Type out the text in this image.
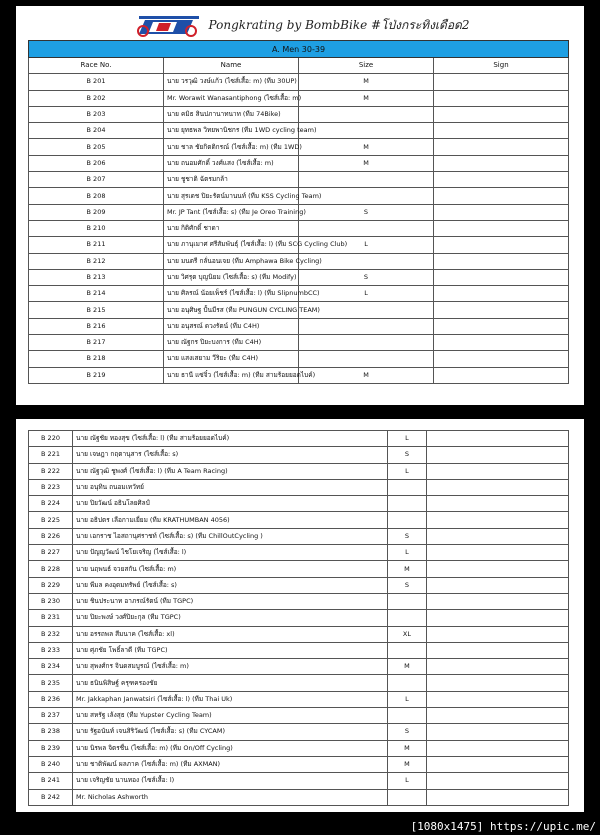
Pongkrating by BombBike #โป่งกระทิงเดือด2
A. Men 30-39			
Race No.	Name	Size	Sign
B 201	นาย วรวุฒิ วงษ์แก้ว (ไซส์เสื้อ: m) (ทีม 30UP)	M	
B 202	Mr. Worawit Wanasantiphong (ไซส์เสื้อ: m)	M	
B 203	นาย คมิธ สินปภานาทนาท (ทีม 74Bike)		
B 204	นาย ยุทธพล วิทยพานิชกร (ทีม 1WD cycling team)		
B 205	นาย ชาล ชัยกิตติกรณ์ (ไซส์เสื้อ: m) (ทีม 1WD)	M	
B 206	นาย ถนอมศักดิ์ วงศ์แสง (ไซส์เสื้อ: m)	M	
B 207	นาย ชูชาติ ฉัตรมกล้า		
B 208	นาย สุรเดช ปิยะรัตน์มานนท์ (ทีม KSS Cycling Team)		
B 209	Mr. JP Tant (ไซส์เสื้อ: s) (ทีม Je Oreo Training)	S	
B 210	นาย กิติศักดิ์ ชาดา		
B 211	นาย ภานุเมาศ ศรีสัมพันธ์ุ (ไซส์เสื้อ: l) (ทีม SCG Cycling Club)	L	
B 212	นาย มนตรี กลั่นอนเจย (ทีม Amphawa Bike Cycling)		
B 213	นาย วิศรุต บุญนิยม (ไซส์เสื้อ: s) (ทีม Modify)	S	
B 214	นาย ศิลรณ์ น้อยเพ็ชร์ (ไซส์เสื้อ: l) (ทีม SlipnumbCC)	L	
B 215	นาย อนุศิษฐ ปั้นมีรส (ทีม PUNGUN CYCLING TEAM)		
B 216	นาย อนุสรณ์ ดวงรัตน์ (ทีม C4H)		
B 217	นาย ณัฐกร ปิยะบงการ (ทีม C4H)		
B 218	นาย แสงเสยาม วีริยะ (ทีม C4H)		
B 219	นาย ธานี แซ่จิ๋ว (ไซส์เสื้อ: m) (ทีม สามร้อยยอดไบค์)	M	
B 220	นาย ณัฐชัย ทองสุข (ไซส์เสื้อ: l) (ทีม สามร้อยยอดไบค์)	L	
B 221	นาย เจษฎา กฤตานุสาร (ไซส์เสื้อ: s)	S	
B 222	นาย ณัฐวุฒิ ชูพงศ์ (ไซส์เสื้อ: l) (ทีม A Team Racing)	L	
B 223	นาย อนุทิน ถนอมเทวัทย์		
B 224	นาย ปิยวัฒน์ อธินโลยศิลป์		
B 225	นาย อธิปตร เลือกามเยี่ยม (ทีม KRATHUMBAN 4056)		
B 226	นาย เอกราช ไอสถานุศราชท์ (ไซส์เสื้อ: s) (ทีม ChillOutCycling )	S	
B 227	นาย ปัญญวัฒน์ ไชโยเจริญ (ไซส์เสื้อ: l)	L	
B 228	นาย นฤพนธ์ จวยสกัน (ไซส์เสื้อ: m)	M	
B 229	นาย พีมล คงอุดมทรัพย์ (ไซส์เสื้อ: s)	S	
B 230	นาย ชินประนาท อาภรณ์รัตน์ (ทีม TGPC)		
B 231	นาย ปิยะพงษ์ วงศ์ปิยะกุล (ทีม TGPC)		
B 232	นาย อรรถพล สีมนาค (ไซส์เสื้อ: xl)	XL	
B 233	นาย ศุภชัย โพธิ์ลาดี (ทีม TGPC)		
B 234	นาย สุพงศ์กร จินดสมบูรณ์ (ไซส์เสื้อ: m)	M	
B 235	นาย ธนินพิสิษฐ์ ครุฑครองชัย		
B 236	Mr. Jakkaphan Janwatsiri (ไซส์เสื้อ: l) (ทีม Thai Uk)	L	
B 237	นาย สหรัฐ เล้งสุธ (ทีม Yupster Cycling Team)		
B 238	นาย รัฐอนันท์ เจนสิริวัฒน์ (ไซส์เสื้อ: s) (ทีม CYCAM)	S	
B 239	นาย นิรพล จิตรชื่น (ไซส์เสื้อ: m) (ทีม On/Off Cycling)	M	
B 240	นาย ชาติพัฒน์ ผลภาค (ไซส์เสื้อ: m) (ทีม AXMAN)	M	
B 241	นาย เจริญชัย นานทอง (ไซส์เสื้อ: l)	L	
B 242	Mr. Nicholas Ashworth		
[1080x1475] https://upic.me/
